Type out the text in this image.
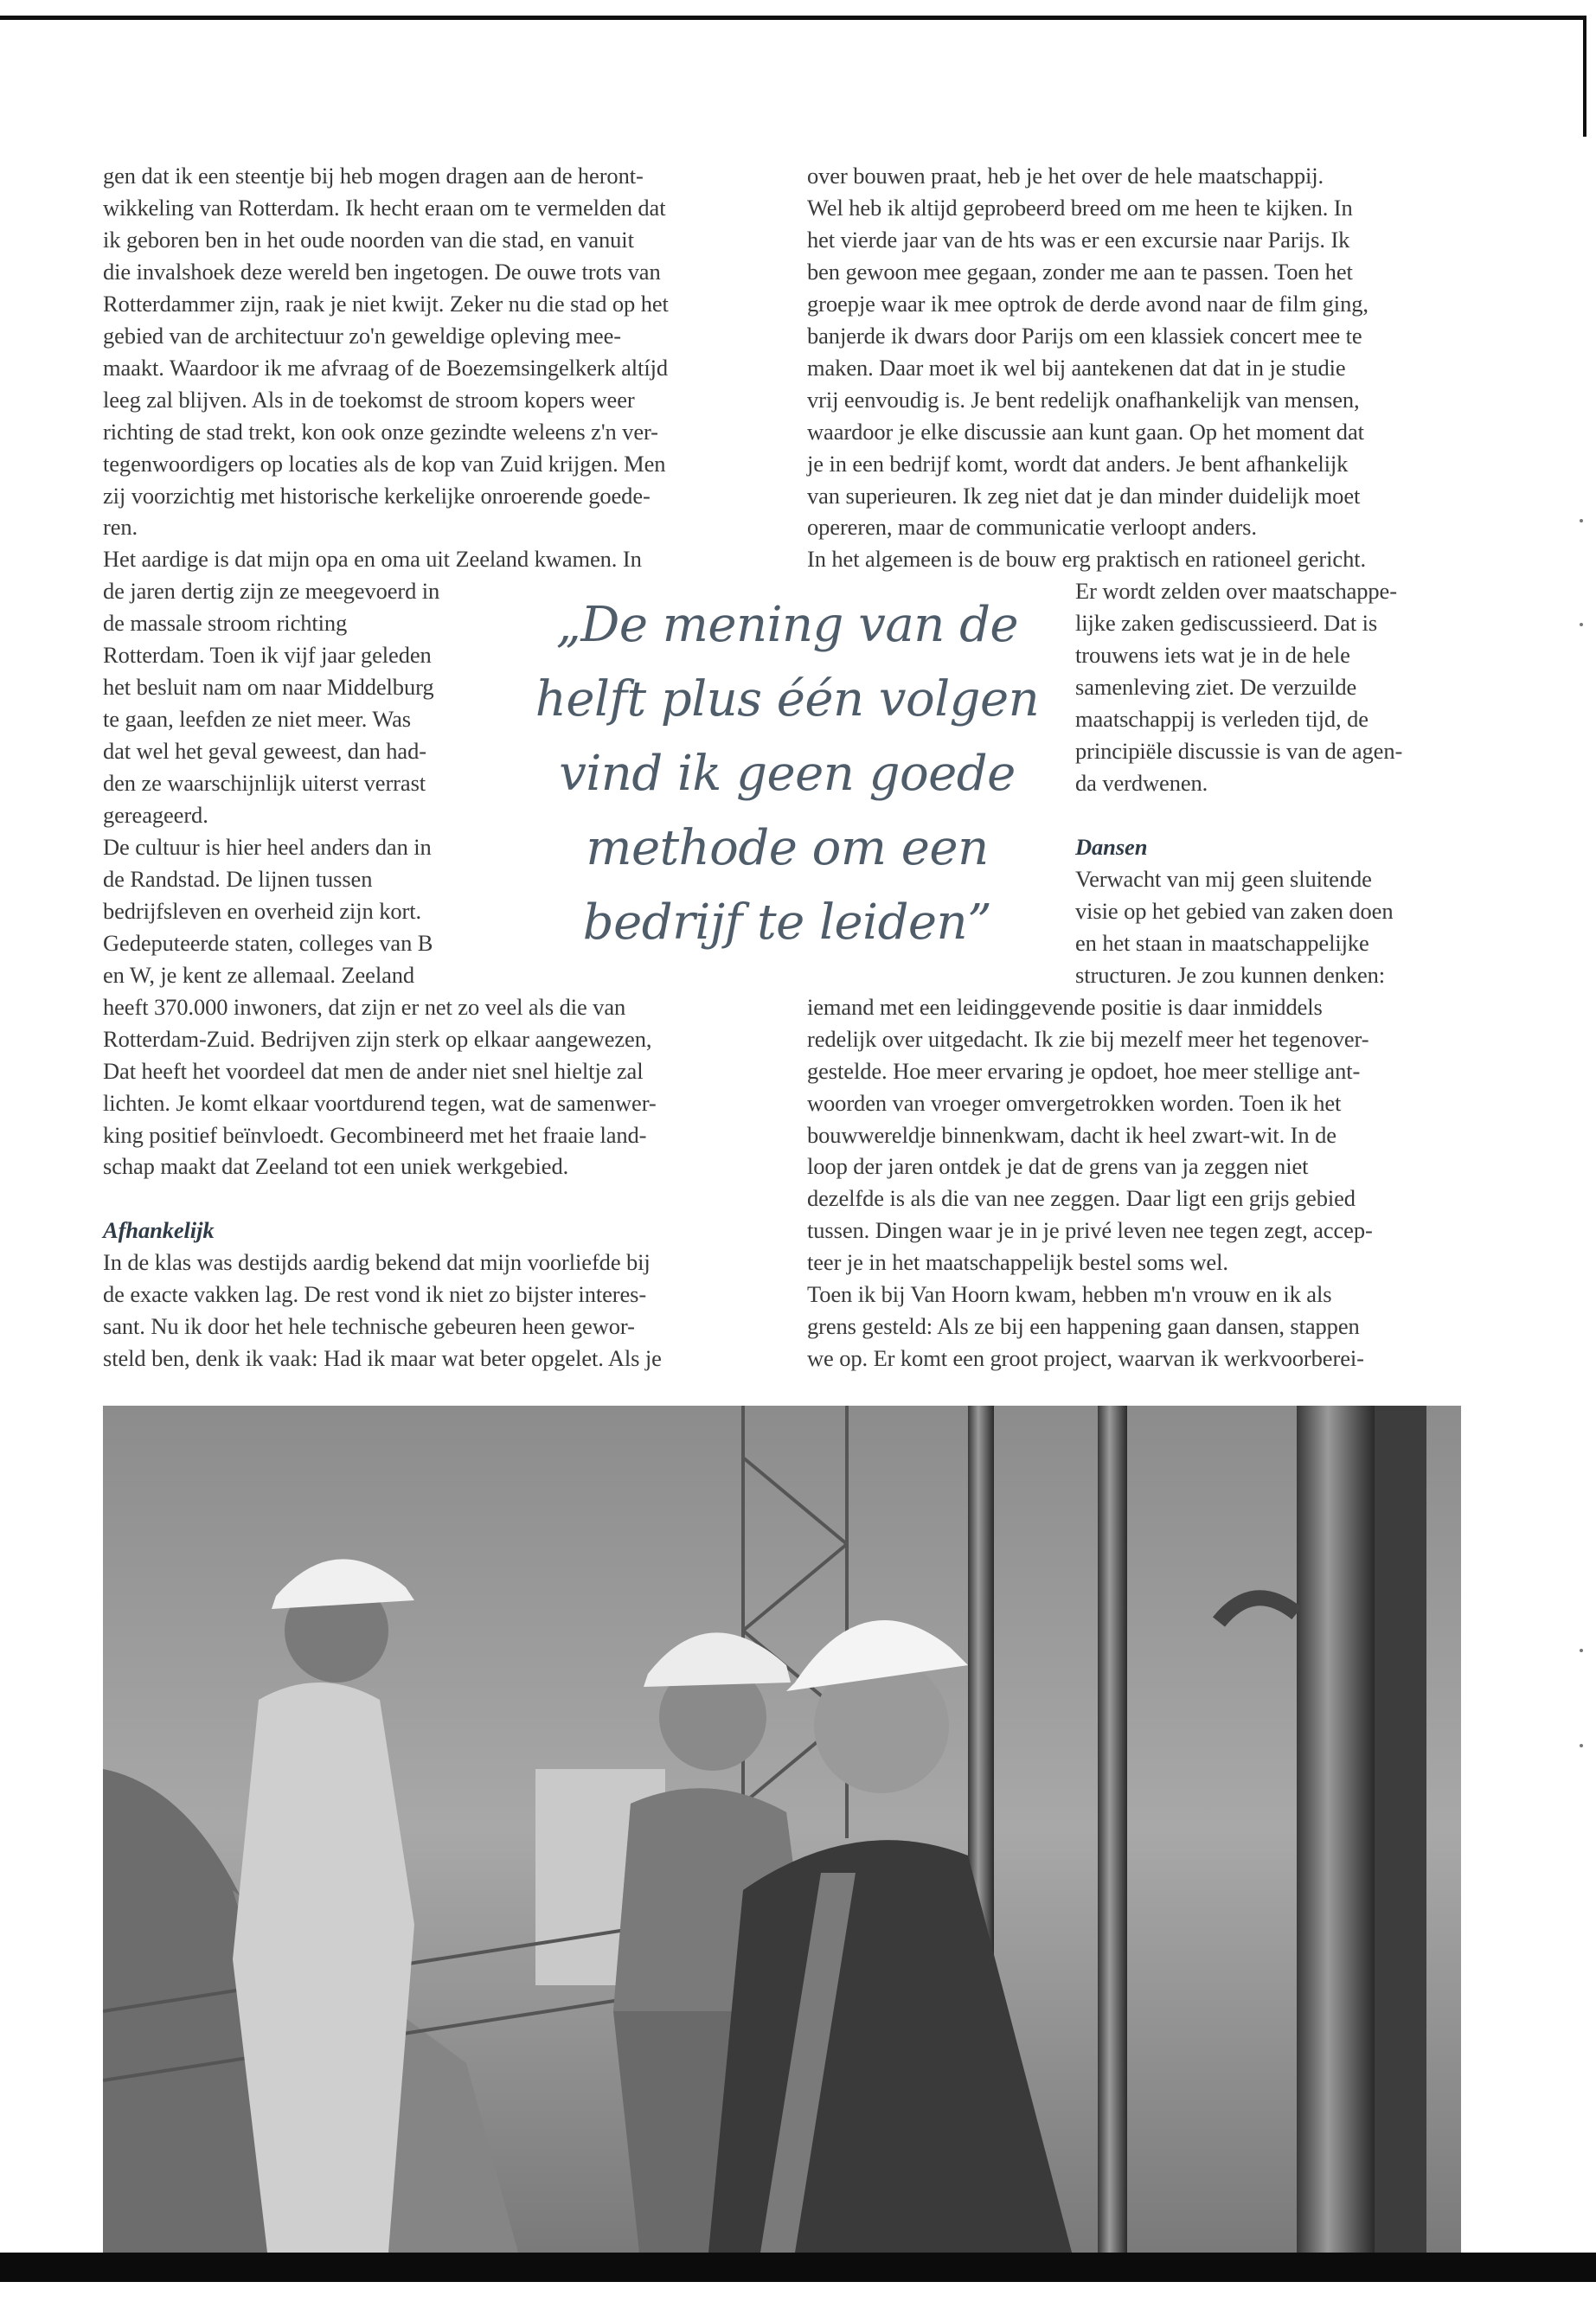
gen dat ik een steentje bij heb mogen dragen aan de heront-
wikkeling van Rotterdam. Ik hecht eraan om te vermelden dat
ik geboren ben in het oude noorden van die stad, en vanuit
die invalshoek deze wereld ben ingetogen. De ouwe trots van
Rotterdammer zijn, raak je niet kwijt. Zeker nu die stad op het
gebied van de architectuur zo'n geweldige opleving mee-
maakt. Waardoor ik me afvraag of de Boezemsingelkerk altíjd
leeg zal blijven. Als in de toekomst de stroom kopers weer
richting de stad trekt, kon ook onze gezindte weleens z'n ver-
tegenwoordigers op locaties als de kop van Zuid krijgen. Men
zij voorzichtig met historische kerkelijke onroerende goede-
ren.
Het aardige is dat mijn opa en oma uit Zeeland kwamen. In
de jaren dertig zijn ze meegevoerd in
de massale stroom richting
Rotterdam. Toen ik vijf jaar geleden
het besluit nam om naar Middelburg
te gaan, leefden ze niet meer. Was
dat wel het geval geweest, dan had-
den ze waarschijnlijk uiterst verrast
gereageerd.
De cultuur is hier heel anders dan in
de Randstad. De lijnen tussen
bedrijfsleven en overheid zijn kort.
Gedeputeerde staten, colleges van B
en W, je kent ze allemaal. Zeeland
heeft 370.000 inwoners, dat zijn er net zo veel als die van
Rotterdam-Zuid. Bedrijven zijn sterk op elkaar aangewezen,
Dat heeft het voordeel dat men de ander niet snel hieltje zal
lichten. Je komt elkaar voortdurend tegen, wat de samenwer-
king positief beïnvloedt. Gecombineerd met het fraaie land-
schap maakt dat Zeeland tot een uniek werkgebied.
Afhankelijk
In de klas was destijds aardig bekend dat mijn voorliefde bij
de exacte vakken lag. De rest vond ik niet zo bijster interes-
sant. Nu ik door het hele technische gebeuren heen gewor-
steld ben, denk ik vaak: Had ik maar wat beter opgelet. Als je
over bouwen praat, heb je het over de hele maatschappij.
Wel heb ik altijd geprobeerd breed om me heen te kijken. In
het vierde jaar van de hts was er een excursie naar Parijs. Ik
ben gewoon mee gegaan, zonder me aan te passen. Toen het
groepje waar ik mee optrok de derde avond naar de film ging,
banjerde ik dwars door Parijs om een klassiek concert mee te
maken. Daar moet ik wel bij aantekenen dat dat in je studie
vrij eenvoudig is. Je bent redelijk onafhankelijk van mensen,
waardoor je elke discussie aan kunt gaan. Op het moment dat
je in een bedrijf komt, wordt dat anders. Je bent afhankelijk
van superieuren. Ik zeg niet dat je dan minder duidelijk moet
opereren, maar de communicatie verloopt anders.
In het algemeen is de bouw erg praktisch en rationeel gericht.
Er wordt zelden over maatschappe-
lijke zaken gediscussieerd. Dat is
trouwens iets wat je in de hele
samenleving ziet. De verzuilde
maatschappij is verleden tijd, de
principiële discussie is van de agen-
da verdwenen.
Dansen
Verwacht van mij geen sluitende
visie op het gebied van zaken doen
en het staan in maatschappelijke
structuren. Je zou kunnen denken:
iemand met een leidinggevende positie is daar inmiddels
redelijk over uitgedacht. Ik zie bij mezelf meer het tegenover-
gestelde. Hoe meer ervaring je opdoet, hoe meer stellige ant-
woorden van vroeger omvergetrokken worden. Toen ik het
bouwwereldje binnenkwam, dacht ik heel zwart-wit. In de
loop der jaren ontdek je dat de grens van ja zeggen niet
dezelfde is als die van nee zeggen. Daar ligt een grijs gebied
tussen. Dingen waar je in je privé leven nee tegen zegt, accep-
teer je in het maatschappelijk bestel soms wel.
Toen ik bij Van Hoorn kwam, hebben m'n vrouw en ik als
grens gesteld: Als ze bij een happening gaan dansen, stappen
we op. Er komt een groot project, waarvan ik werkvoorberei-
„De mening van de
helft plus één volgen
vind ik geen goede
methode om een
bedrijf te leiden”
